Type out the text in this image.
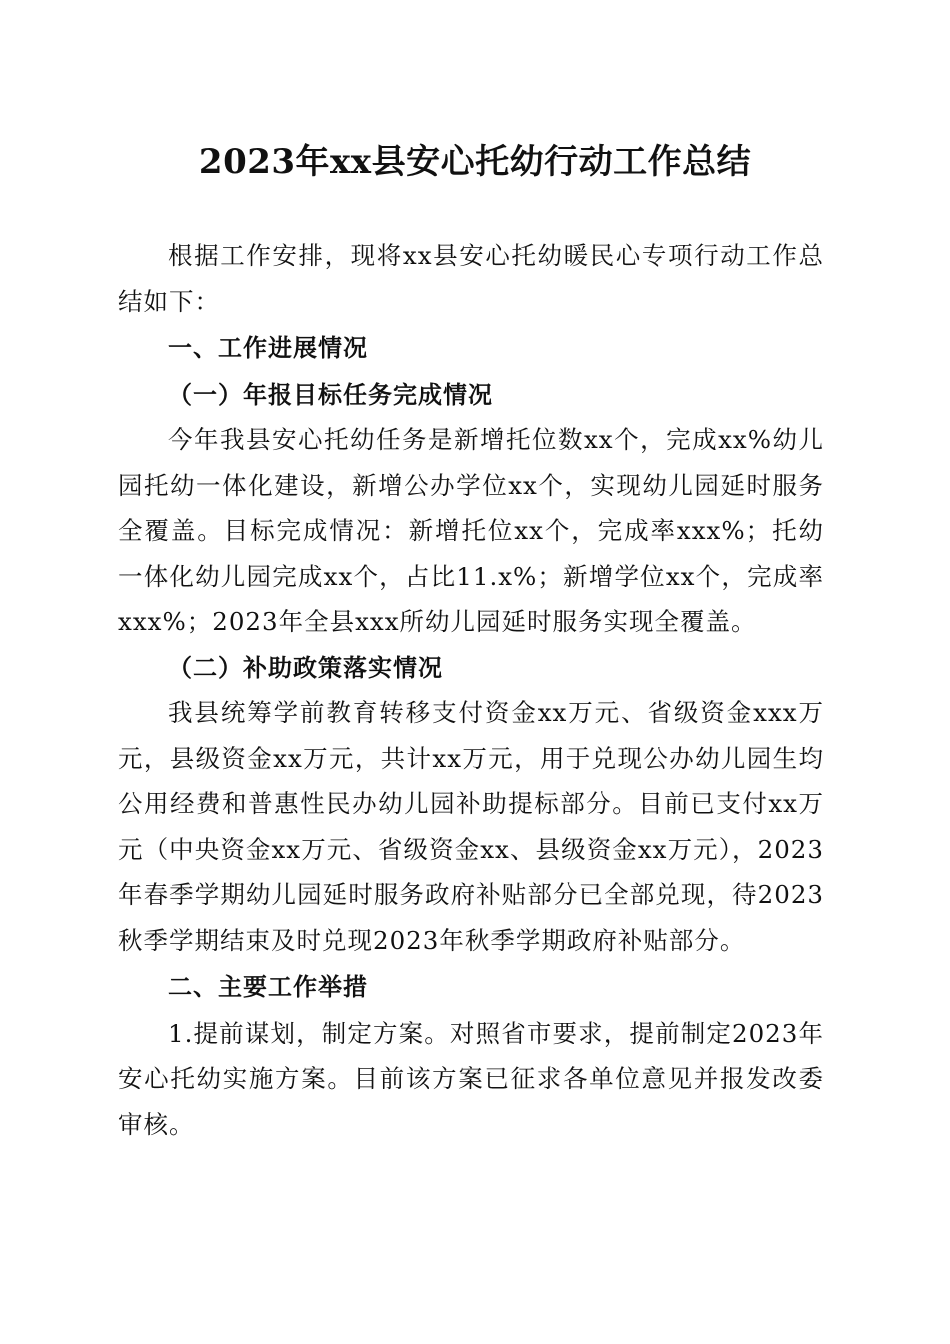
2023年xx县安心托幼行动工作总结

根据工作安排，现将xx县安心托幼暖民心专项行动工作总结如下：

一、工作进展情况

（一）年报目标任务完成情况

今年我县安心托幼任务是新增托位数xx个，完成xx%幼儿园托幼一体化建设，新增公办学位xx个，实现幼儿园延时服务全覆盖。目标完成情况：新增托位xx个，完成率xxx%；托幼一体化幼儿园完成xx个，占比11.x%；新增学位xx个，完成率xxx%；2023年全县xxx所幼儿园延时服务实现全覆盖。

（二）补助政策落实情况

我县统筹学前教育转移支付资金xx万元、省级资金xxx万元，县级资金xx万元，共计xx万元，用于兑现公办幼儿园生均公用经费和普惠性民办幼儿园补助提标部分。目前已支付xx万元（中央资金xx万元、省级资金xx、县级资金xx万元），2023年春季学期幼儿园延时服务政府补贴部分已全部兑现，待2023秋季学期结束及时兑现2023年秋季学期政府补贴部分。

二、主要工作举措

1.提前谋划，制定方案。对照省市要求，提前制定2023年安心托幼实施方案。目前该方案已征求各单位意见并报发改委审核。
